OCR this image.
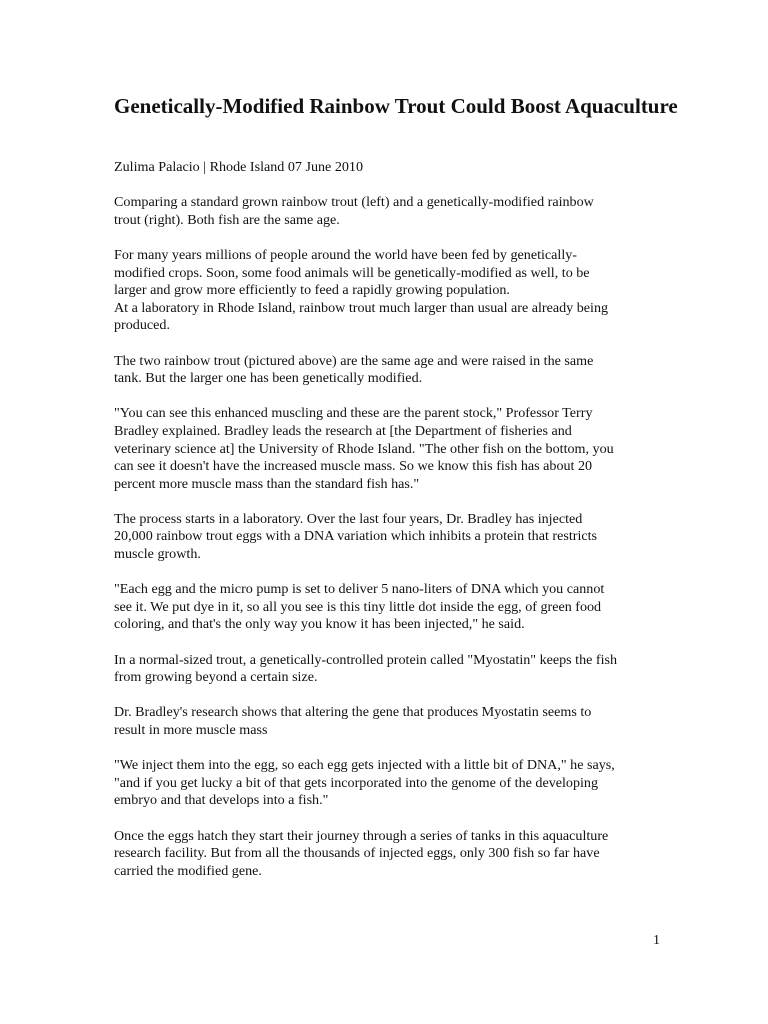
Genetically-Modified Rainbow Trout Could Boost Aquaculture

Zulima Palacio | Rhode Island 07 June 2010

Comparing a standard grown rainbow trout (left) and a genetically-modified rainbow
trout (right). Both fish are the same age.

For many years millions of people around the world have been fed by genetically-
modified crops. Soon, some food animals will be genetically-modified as well, to be
larger and grow more efficiently to feed a rapidly growing population.
At a laboratory in Rhode Island, rainbow trout much larger than usual are already being
produced.

The two rainbow trout (pictured above) are the same age and were raised in the same
tank. But the larger one has been genetically modified.

"You can see this enhanced muscling and these are the parent stock," Professor Terry
Bradley explained. Bradley leads the research at [the Department of fisheries and
veterinary science at] the University of Rhode Island. "The other fish on the bottom, you
can see it doesn't have the increased muscle mass. So we know this fish has about 20
percent more muscle mass than the standard fish has."

The process starts in a laboratory. Over the last four years, Dr. Bradley has injected
20,000 rainbow trout eggs with a DNA variation which inhibits a protein that restricts
muscle growth.

"Each egg and the micro pump is set to deliver 5 nano-liters of DNA which you cannot
see it. We put dye in it, so all you see is this tiny little dot inside the egg, of green food
coloring, and that's the only way you know it has been injected," he said.

In a normal-sized trout, a genetically-controlled protein called "Myostatin" keeps the fish
from growing beyond a certain size.

Dr. Bradley's research shows that altering the gene that produces Myostatin seems to
result in more muscle mass

"We inject them into the egg, so each egg gets injected with a little bit of DNA," he says,
"and if you get lucky a bit of that gets incorporated into the genome of the developing
embryo and that develops into a fish."

Once the eggs hatch they start their journey through a series of tanks in this aquaculture
research facility. But from all the thousands of injected eggs, only 300 fish so far have
carried the modified gene.

1
